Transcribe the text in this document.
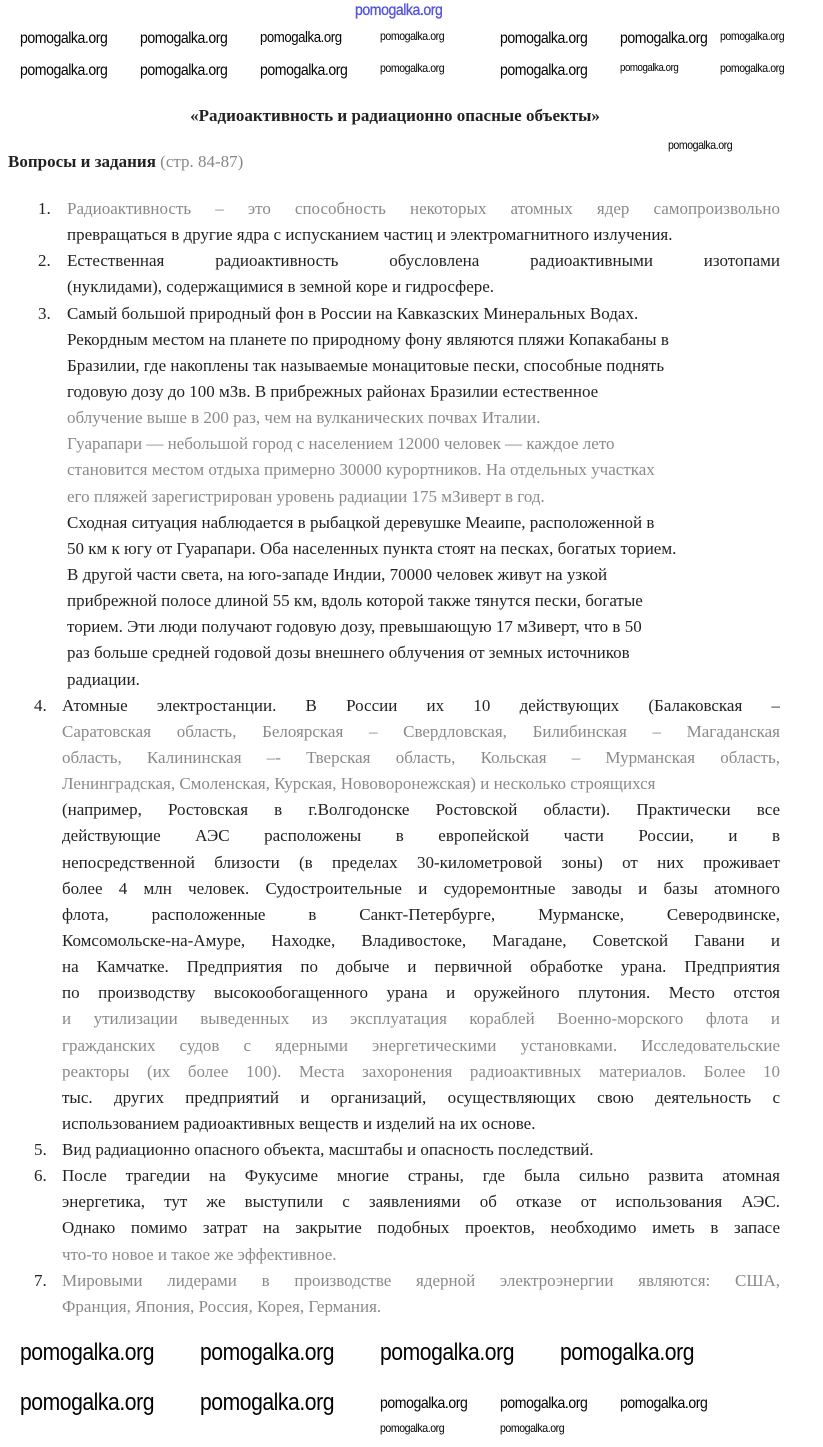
pomogalka.org
«Радиоактивность и радиационно опасные объекты»
Вопросы и задания (стр. 84-87)
1. Радиоактивность – это способность некоторых атомных ядер самопроизвольно
превращаться в другие ядра с испусканием частиц и электромагнитного излучения.
2. Естественная радиоактивность обусловлена радиоактивными изотопами
(нуклидами), содержащимися в земной коре и гидросфере.
3. Самый большой природный фон в России на Кавказских Минеральных Водах.
Рекордным местом на планете по природному фону являются пляжи Копакабаны в
Бразилии, где накоплены так называемые монацитовые пески, способные поднять
годовую дозу до 100 мЗв. В прибрежных районах Бразилии естественное
облучение выше в 200 раз, чем на вулканических почвах Италии.
Гуарапари –– небольшой город с населением 12000 человек — каждое лето
становится местом отдыха примерно 30000 курортников. На отдельных участках
его пляжей зарегистрирован уровень радиации 175 мЗиверт в год.
Сходная ситуация наблюдается в рыбацкой деревушке Меаипе, расположенной в
50 км к югу от Гуарапари. Оба населенных пункта стоят на песках, богатых торием.
В другой части света, на юго-западе Индии, 70000 человек живут на узкой
прибрежной полосе длиной 55 км, вдоль которой также тянутся пески, богатые
торием. Эти люди получают годовую дозу, превышающую 17 мЗиверт, что в 50
раз больше средней годовой дозы внешнего облучения от земных источников
радиации.
4. Атомные электростанции. В России их 10 действующих (Балаковская –
Саратовская область, Белоярская – Свердловская, Билибинская – Магаданская
область, Калининская –- Тверская область, Кольская – Мурманская область,
Ленинградская, Смоленская, Курская, Нововоронежская) и несколько строящихся
(например, Ростовская в г.Волгодонске Ростовской области). Практически все
действующие АЭС расположены в европейской части России, и в
непосредственной близости (в пределах 30-километровой зоны) от них проживает
более 4 млн человек. Судостроительные и судоремонтные заводы и базы атомного
флота, расположенные в Санкт-Петербурге, Мурманске, Северодвинске,
Комсомольске-на-Амуре, Находке, Владивостоке, Магадане, Советской Гавани и
на Камчатке. Предприятия по добыче и первичной обработке урана. Предприятия
по производству высокообогащенного урана и оружейного плутония. Место отстоя
и утилизации выведенных из эксплуатация кораблей Военно-морского флота и
гражданских судов с ядерными энергетическими установками. Исследовательские
реакторы (их более 100). Места захоронения радиоактивных материалов. Более 10
тыс. других предприятий и организаций, осуществляющих свою деятельность с
использованием радиоактивных веществ и изделий на их основе.
5. Вид радиационно опасного объекта, масштабы и опасность последствий.
6. После трагедии на Фукусиме многие страны, где была сильно развита атомная
энергетика, тут же выступили с заявлениями об отказе от использования АЭС.
Однако помимо затрат на закрытие подобных проектов, необходимо иметь в запасе
что-то новое и такое же эффективное.
7. Мировыми лидерами в производстве ядерной электроэнергии являются: США,
Франция, Япония, Россия, Корея, Германия.
pomogalka.org
pomogalka.org pomogalka.org pomogalka.org	pomogalka.org	pomogalka.org pomogalka.org pomogalka.org
pomogalka.org pomogalka.org pomogalka.org	pomogalka.org	pomogalka.org	pomogalka.org	pomogalka.org
pomogalka.org pomogalka.org pomogalka.org pomogalka.org
pomogalka.org pomogalka.org	pomogalka.org pomogalka.org pomogalka.org
pomogalka.org	pomogalka.org
